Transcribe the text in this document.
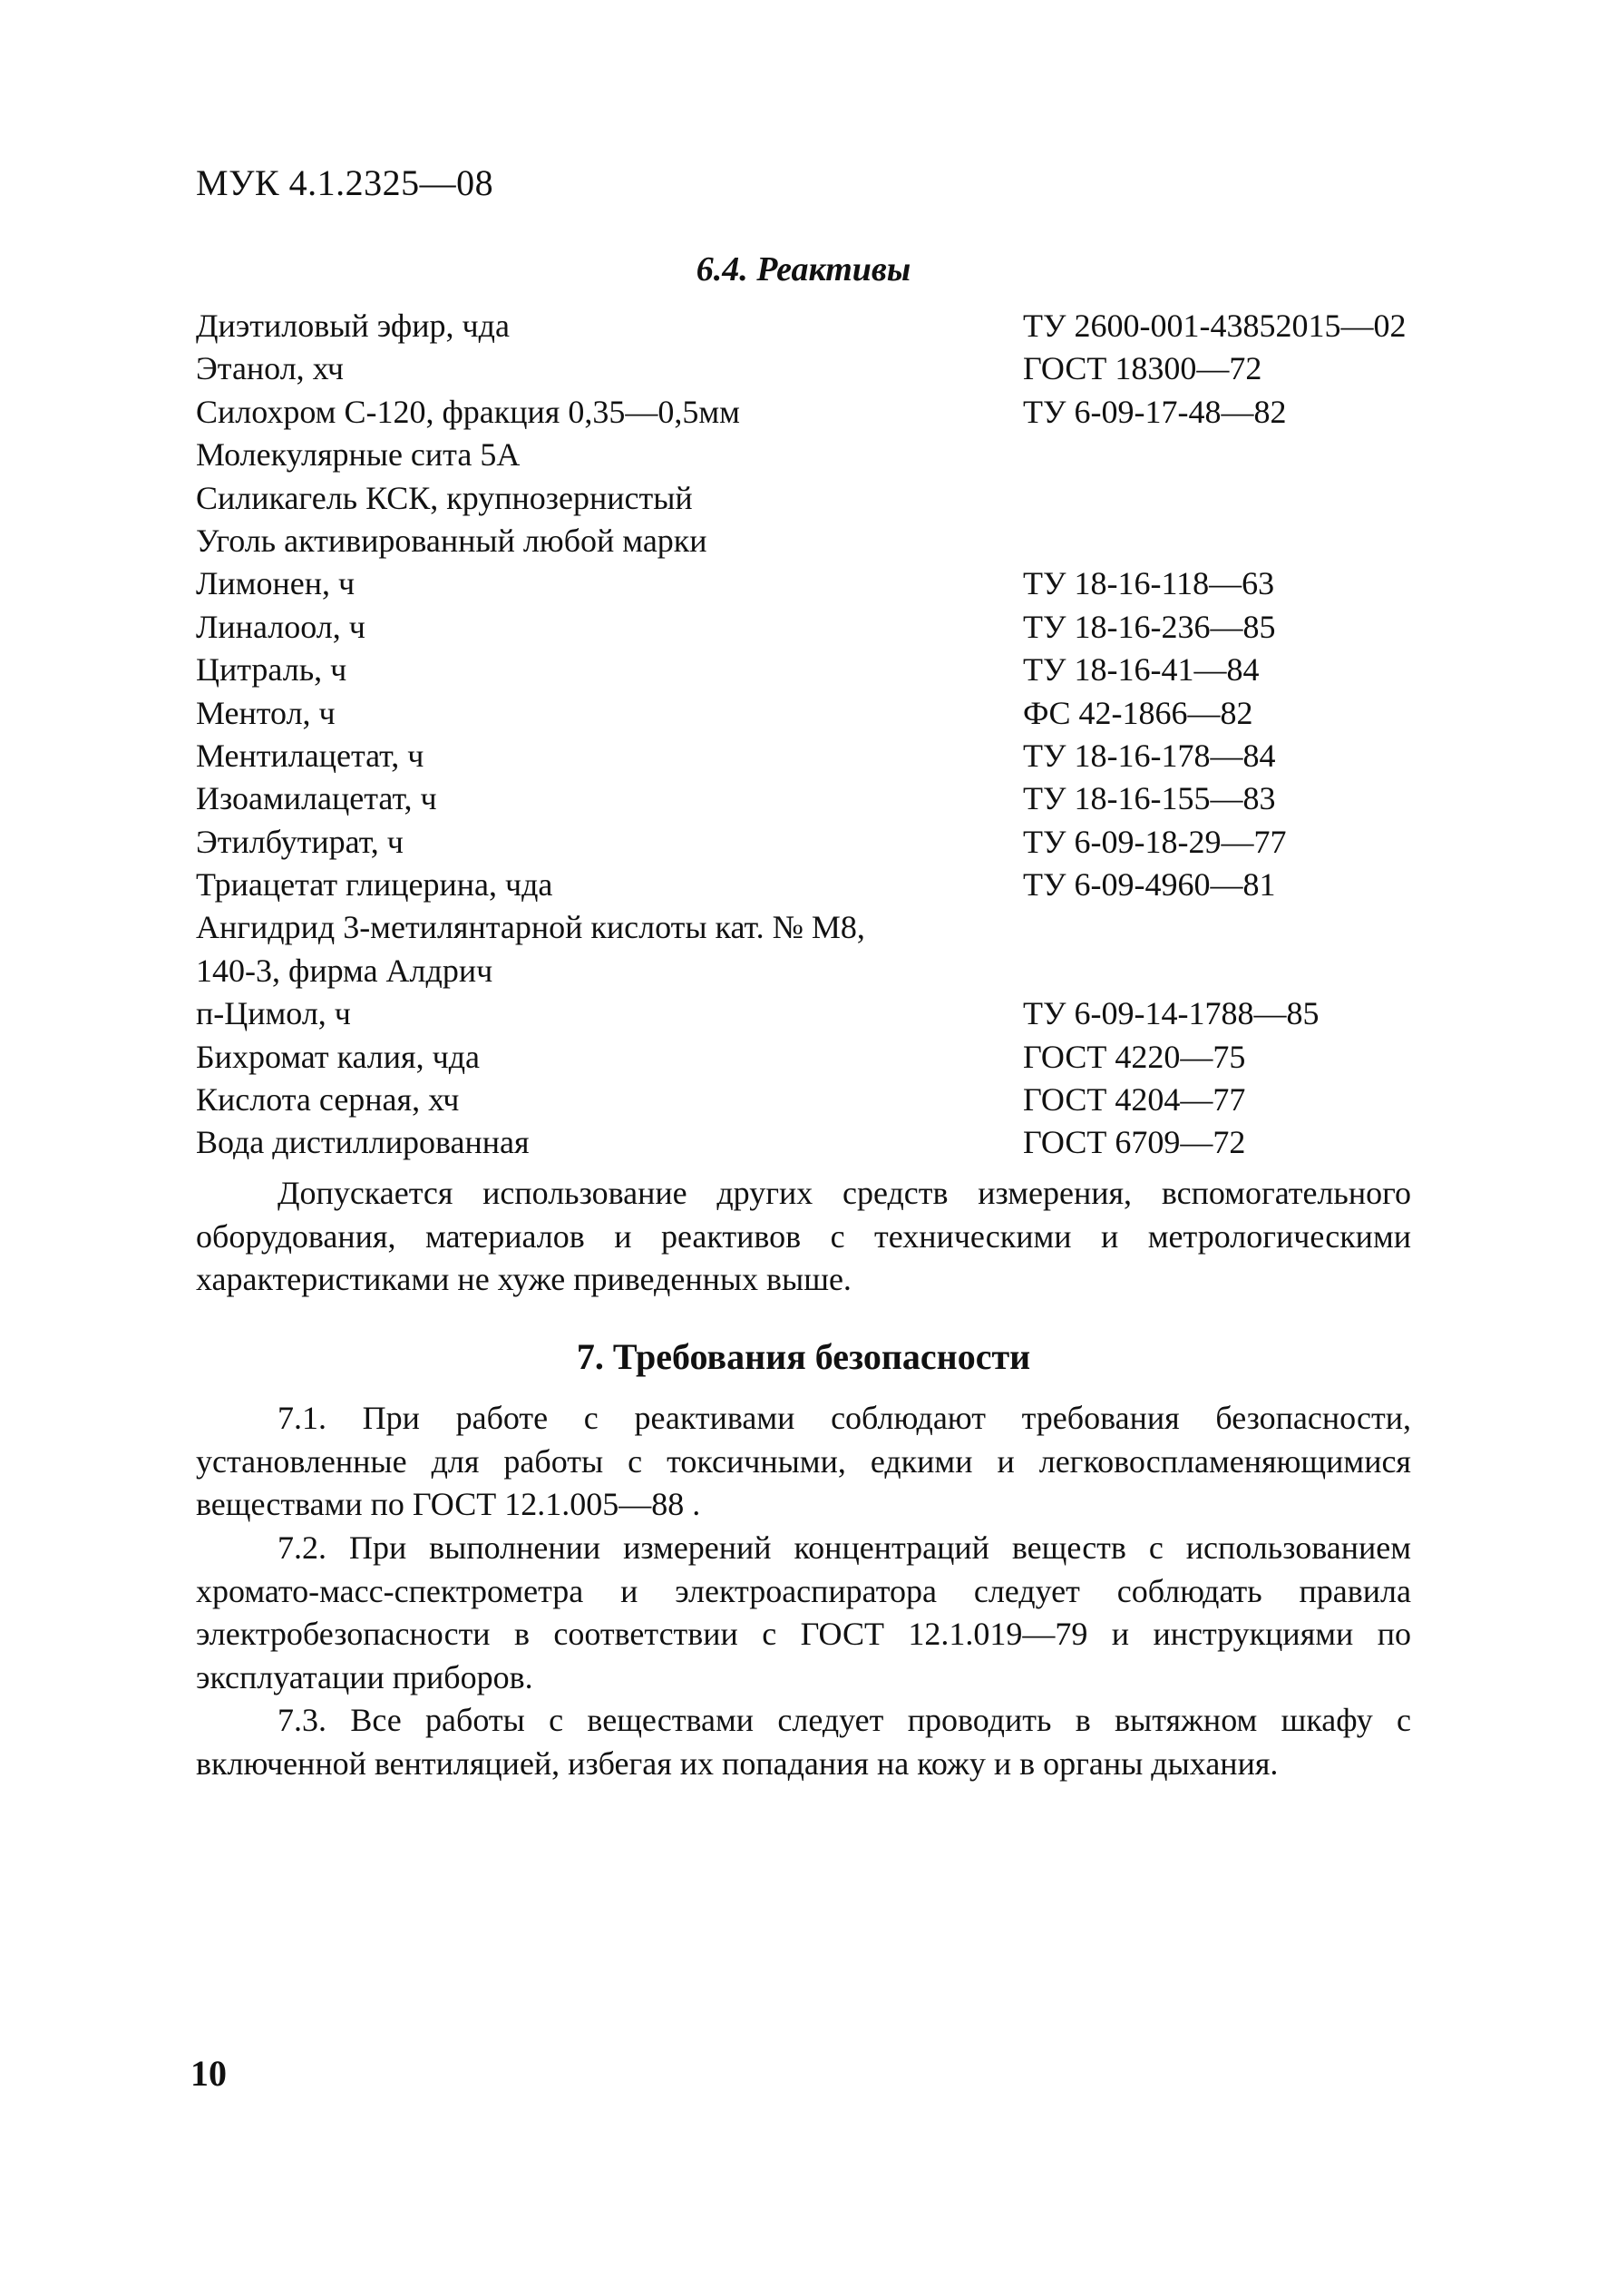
МУК 4.1.2325—08
6.4. Реактивы
Диэтиловый эфир, чда	ТУ 2600-001-43852015—02
Этанол, хч	ГОСТ 18300—72
Силохром С-120, фракция 0,35—0,5мм	ТУ 6-09-17-48—82
Молекулярные сита 5А
Силикагель КСК, крупнозернистый
Уголь активированный любой марки
Лимонен, ч	ТУ 18-16-118—63
Линалоол, ч	ТУ 18-16-236—85
Цитраль, ч	ТУ 18-16-41—84
Ментол, ч	ФС 42-1866—82
Ментилацетат, ч	ТУ 18-16-178—84
Изоамилацетат, ч	ТУ 18-16-155—83
Этилбутират, ч	ТУ 6-09-18-29—77
Триацетат глицерина, чда	ТУ 6-09-4960—81
Ангидрид 3-метилянтарной кислоты кат. № М8,
140-3, фирма Алдрич
п-Цимол, ч	ТУ 6-09-14-1788—85
Бихромат калия, чда	ГОСТ 4220—75
Кислота серная, хч	ГОСТ 4204—77
Вода дистиллированная	ГОСТ 6709—72

Допускается использование других средств измерения, вспомогательного оборудования, материалов и реактивов с техническими и метрологическими характеристиками не хуже приведенных выше.

7. Требования безопасности

7.1. При работе с реактивами соблюдают требования безопасности, установленные для работы с токсичными, едкими и легковоспламеняющимися веществами по ГОСТ 12.1.005—88 .

7.2. При выполнении измерений концентраций веществ с использованием хромато-масс-спектрометра и электроаспиратора следует соблюдать правила электробезопасности в соответствии с ГОСТ 12.1.019—79 и инструкциями по эксплуатации приборов.

7.3. Все работы с веществами следует проводить в вытяжном шкафу с включенной вентиляцией, избегая их попадания на кожу и в органы дыхания.

10
